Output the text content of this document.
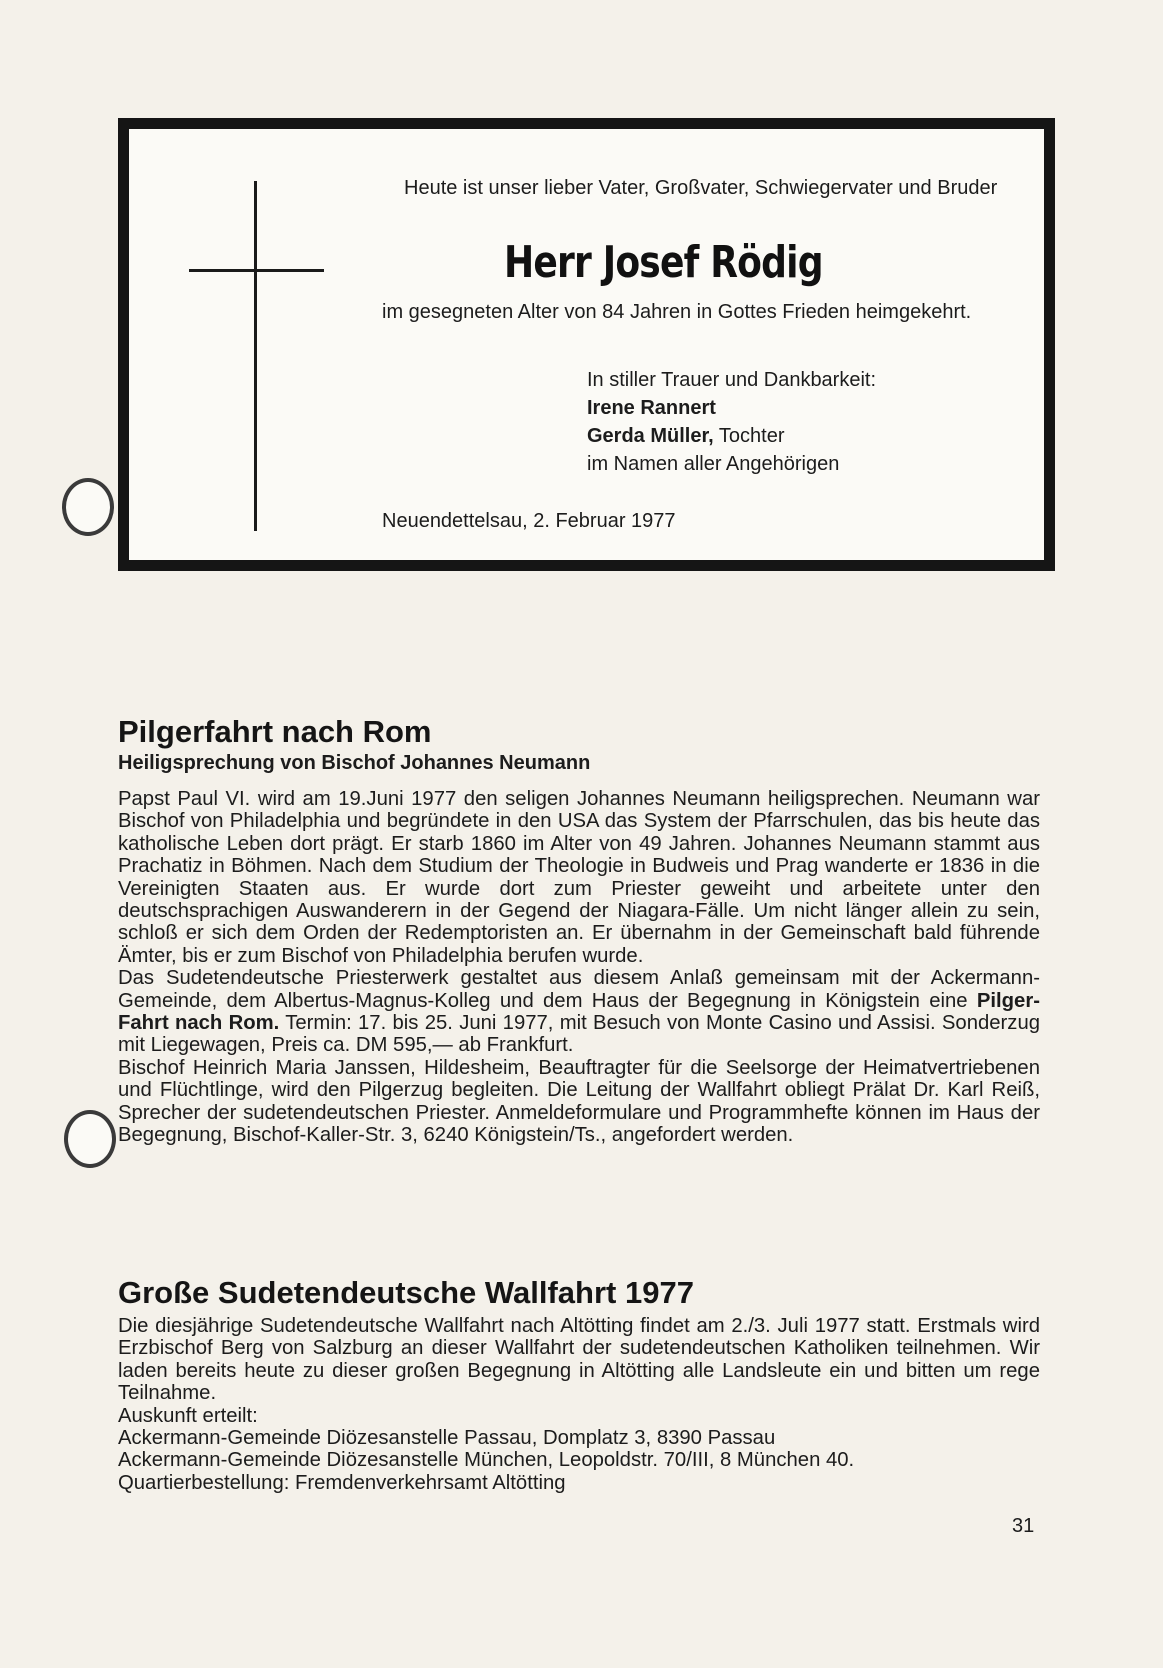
Heute ist unser lieber Vater, Großvater, Schwiegervater und Bruder

Herr Josef Rödig

im gesegneten Alter von 84 Jahren in Gottes Frieden heimgekehrt.

In stiller Trauer und Dankbarkeit:
Irene Rannert
Gerda Müller, Tochter
im Namen aller Angehörigen

Neuendettelsau, 2. Februar 1977

Pilgerfahrt nach Rom
Heiligsprechung von Bischof Johannes Neumann

Papst Paul VI. wird am 19.Juni 1977 den seligen Johannes Neumann heiligsprechen. Neumann war Bischof von Philadelphia und begründete in den USA das System der Pfarrschulen, das bis heute das katholische Leben dort prägt. Er starb 1860 im Alter von 49 Jahren. Johannes Neumann stammt aus Prachatiz in Böhmen. Nach dem Studium der Theologie in Budweis und Prag wanderte er 1836 in die Vereinigten Staaten aus. Er wurde dort zum Priester geweiht und arbeitete unter den deutschsprachigen Auswanderern in der Gegend der Niagara-Fälle. Um nicht länger allein zu sein, schloß er sich dem Orden der Redemptoristen an. Er übernahm in der Gemeinschaft bald führende Ämter, bis er zum Bischof von Philadelphia berufen wurde.

Das Sudetendeutsche Priesterwerk gestaltet aus diesem Anlaß gemeinsam mit der Ackermann-Gemeinde, dem Albertus-Magnus-Kolleg und dem Haus der Begegnung in Königstein eine Pilger-Fahrt nach Rom. Termin: 17. bis 25. Juni 1977, mit Besuch von Monte Casino und Assisi. Sonderzug mit Liegewagen, Preis ca. DM 595,— ab Frankfurt.

Bischof Heinrich Maria Janssen, Hildesheim, Beauftragter für die Seelsorge der Heimatvertriebenen und Flüchtlinge, wird den Pilgerzug begleiten. Die Leitung der Wallfahrt obliegt Prälat Dr. Karl Reiß, Sprecher der sudetendeutschen Priester. Anmeldeformulare und Programmhefte können im Haus der Begegnung, Bischof-Kaller-Str. 3, 6240 Königstein/Ts., angefordert werden.

Große Sudetendeutsche Wallfahrt 1977

Die diesjährige Sudetendeutsche Wallfahrt nach Altötting findet am 2./3. Juli 1977 statt. Erstmals wird Erzbischof Berg von Salzburg an dieser Wallfahrt der sudetendeutschen Katholiken teilnehmen. Wir laden bereits heute zu dieser großen Begegnung in Altötting alle Landsleute ein und bitten um rege Teilnahme.

Auskunft erteilt:
Ackermann-Gemeinde Diözesanstelle Passau, Domplatz 3, 8390 Passau
Ackermann-Gemeinde Diözesanstelle München, Leopoldstr. 70/III, 8 München 40.
Quartierbestellung: Fremdenverkehrsamt Altötting

31
